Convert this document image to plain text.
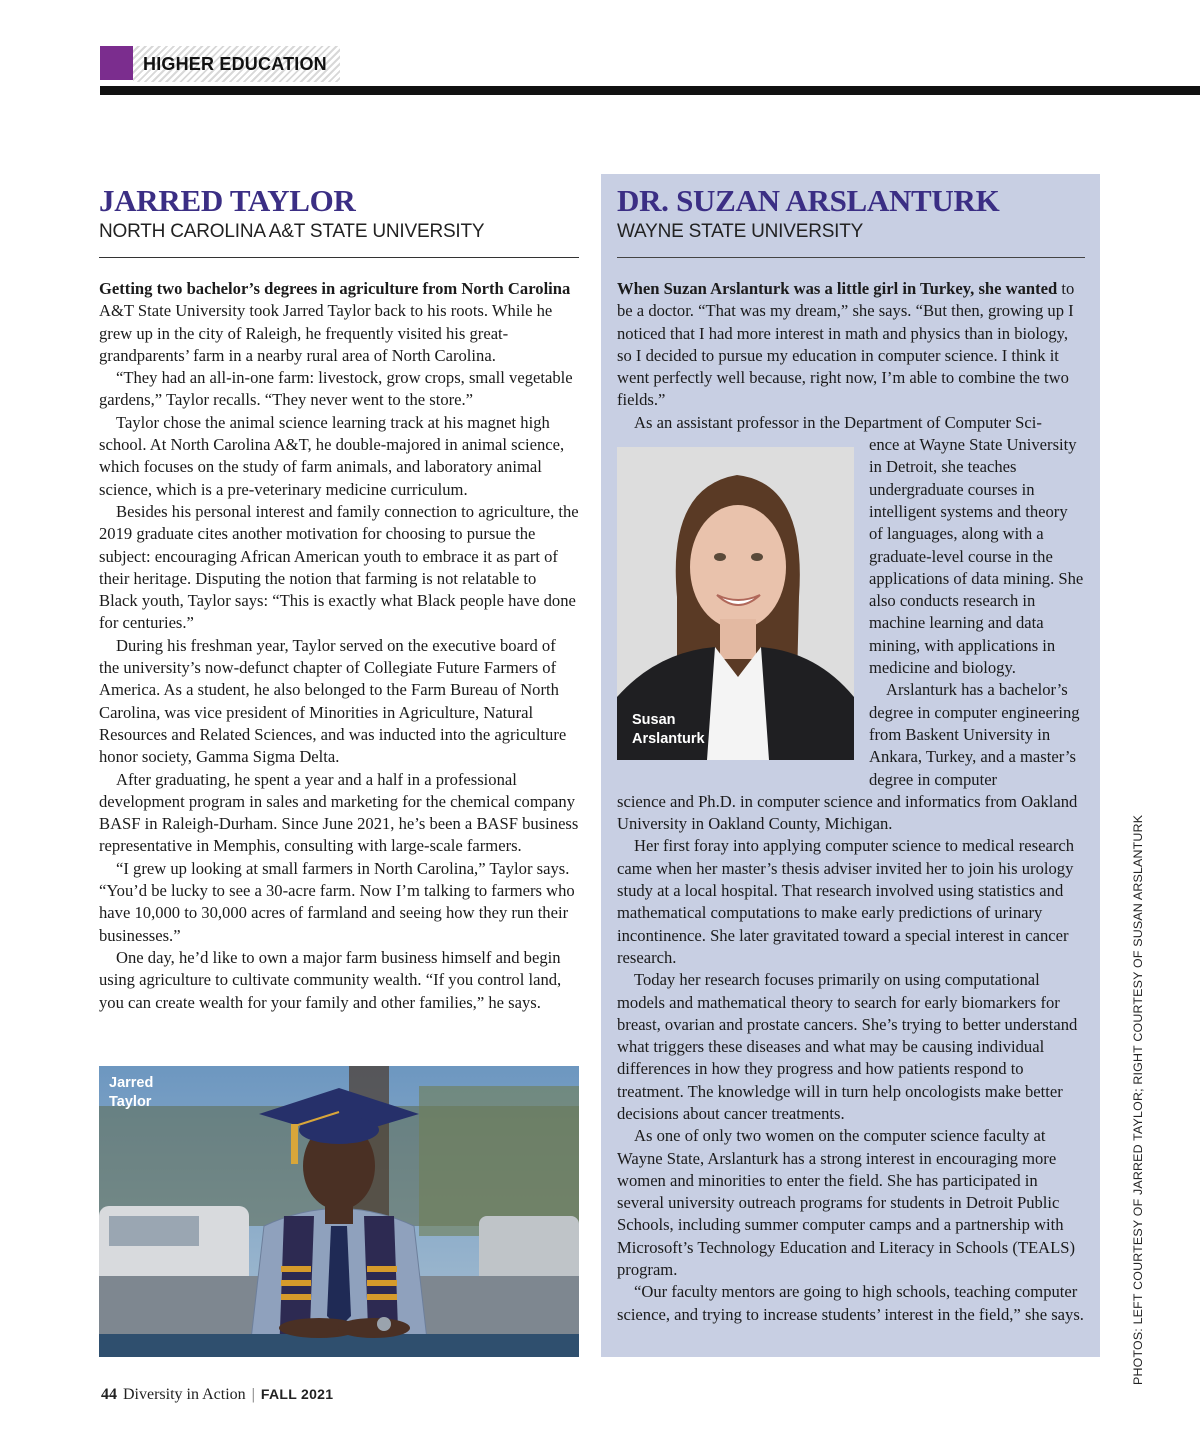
HIGHER EDUCATION
JARRED TAYLOR
NORTH CAROLINA A&T STATE UNIVERSITY

Getting two bachelor’s degrees in agriculture from North Carolina A&T State University took Jarred Taylor back to his roots. While he grew up in the city of Raleigh, he frequently visited his great-grandparents’ farm in a nearby rural area of North Carolina.

“They had an all-in-one farm: livestock, grow crops, small vegetable gardens,” Taylor recalls. “They never went to the store.”

Taylor chose the animal science learning track at his magnet high school. At North Carolina A&T, he double-majored in animal science, which focuses on the study of farm animals, and laboratory animal science, which is a pre-veterinary medicine curriculum.

Besides his personal interest and family connection to agriculture, the 2019 graduate cites another motivation for choosing to pursue the subject: encouraging African American youth to embrace it as part of their heritage. Disputing the notion that farming is not relatable to Black youth, Taylor says: “This is exactly what Black people have done for centuries.”

During his freshman year, Taylor served on the executive board of the university’s now-defunct chapter of Collegiate Future Farmers of America. As a student, he also belonged to the Farm Bureau of North Carolina, was vice president of Minorities in Agriculture, Natural Resources and Related Sciences, and was inducted into the agriculture honor society, Gamma Sigma Delta.

After graduating, he spent a year and a half in a professional development program in sales and marketing for the chemical company BASF in Raleigh-Durham. Since June 2021, he’s been a BASF business representative in Memphis, consulting with large-scale farmers.

“I grew up looking at small farmers in North Carolina,” Taylor says. “You’d be lucky to see a 30-acre farm. Now I’m talking to farmers who have 10,000 to 30,000 acres of farmland and seeing how they run their businesses.”

One day, he’d like to own a major farm business himself and begin using agriculture to cultivate community wealth. “If you control land, you can create wealth for your family and other families,” he says.

Jarred Taylor
DR. SUZAN ARSLANTURK
WAYNE STATE UNIVERSITY

When Suzan Arslanturk was a little girl in Turkey, she wanted to be a doctor. “That was my dream,” she says. “But then, growing up I noticed that I had more interest in math and physics than in biology, so I decided to pursue my education in computer science. I think it went perfectly well because, right now, I’m able to combine the two fields.”

As an assistant professor in the Department of Computer Sci-

ence at Wayne State University in Detroit, she teaches undergraduate courses in intelligent systems and theory of languages, along with a graduate-level course in the applications of data mining. She also conducts research in machine learning and data mining, with applications in medicine and biology.

Arslanturk has a bachelor’s degree in computer engineering from Baskent University in Ankara, Turkey, and a master’s degree in computer

science and Ph.D. in computer science and informatics from Oakland University in Oakland County, Michigan.

Her first foray into applying computer science to medical research came when her master’s thesis adviser invited her to join his urology study at a local hospital. That research involved using statistics and mathematical computations to make early predictions of urinary incontinence. She later gravitated toward a special interest in cancer research.

Today her research focuses primarily on using computational models and mathematical theory to search for early biomarkers for breast, ovarian and prostate cancers. She’s trying to better understand what triggers these diseases and what may be causing individual differences in how they progress and how patients respond to treatment. The knowledge will in turn help oncologists make better decisions about cancer treatments.

As one of only two women on the computer science faculty at Wayne State, Arslanturk has a strong interest in encouraging more women and minorities to enter the field. She has participated in several university outreach programs for students in Detroit Public Schools, including summer computer camps and a partnership with Microsoft’s Technology Education and Literacy in Schools (TEALS) program.

“Our faculty mentors are going to high schools, teaching computer science, and trying to increase students’ interest in the field,” she says.

Susan Arslanturk
44 Diversity in Action | FALL 2021
PHOTOS: LEFT COURTESY OF JARRED TAYLOR; RIGHT COURTESY OF SUSAN ARSLANTURK
